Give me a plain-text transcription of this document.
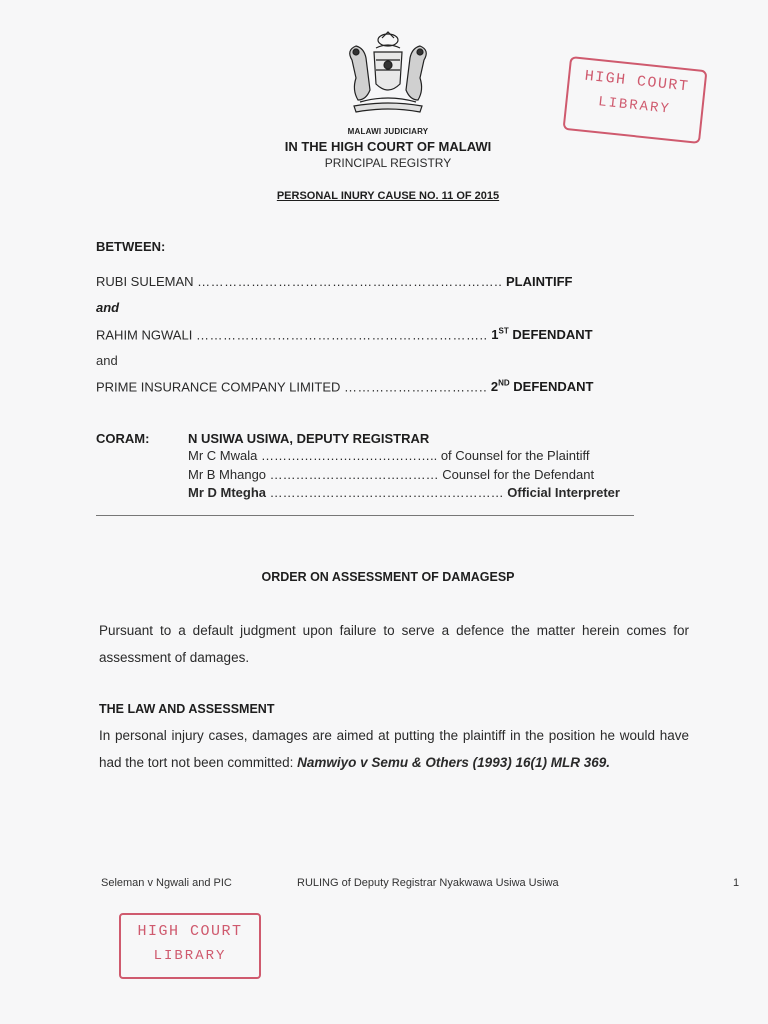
MALAWI JUDICIARY
IN THE HIGH COURT OF MALAWI
PRINCIPAL REGISTRY
PERSONAL INURY CAUSE NO. 11 OF 2015
BETWEEN:
RUBI SULEMAN ………………………………………………………….. PLAINTIFF
and
RAHIM NGWALI ……………………………………………………….. 1ST DEFENDANT
and
PRIME INSURANCE COMPANY LIMITED ………………………….. 2ND DEFENDANT
CORAM:	N USIWA USIWA, DEPUTY REGISTRAR
Mr C Mwala ………………………………….. of Counsel for the Plaintiff
Mr B Mhango ………………………………… Counsel for the Defendant
Mr D Mtegha ……………………………………………… Official Interpreter
ORDER ON ASSESSMENT OF DAMAGESP
Pursuant to a default judgment upon failure to serve a defence the matter herein comes for assessment of damages.
THE LAW AND ASSESSMENT
In personal injury cases, damages are aimed at putting the plaintiff in the position he would have had the tort not been committed: Namwiyo v Semu & Others (1993) 16(1) MLR 369.
Seleman v Ngwali and PIC	RULING of Deputy Registrar Nyakwawa Usiwa Usiwa	1
HIGH COURT
LIBRARY
HIGH COURT
LIBRARY
